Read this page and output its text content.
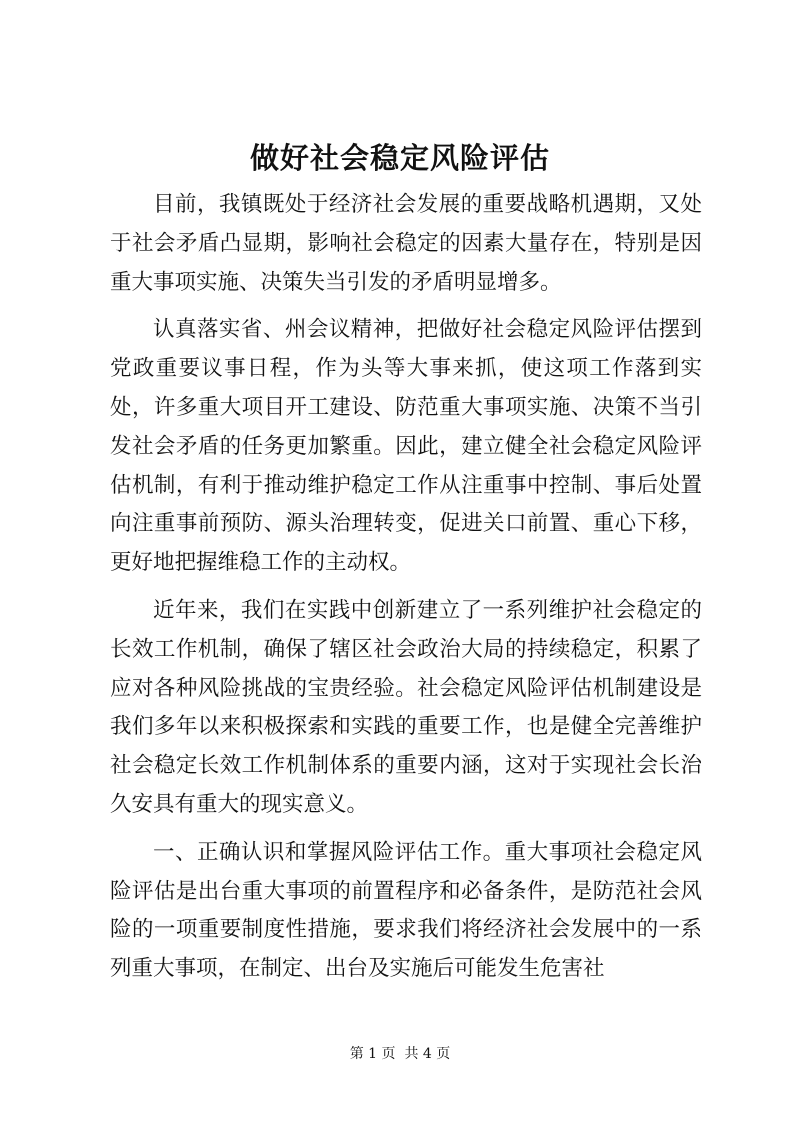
做好社会稳定风险评估

目前，我镇既处于经济社会发展的重要战略机遇期，又处于社会矛盾凸显期，影响社会稳定的因素大量存在，特别是因重大事项实施、决策失当引发的矛盾明显增多。

认真落实省、州会议精神，把做好社会稳定风险评估摆到党政重要议事日程，作为头等大事来抓，使这项工作落到实处，许多重大项目开工建设、防范重大事项实施、决策不当引发社会矛盾的任务更加繁重。因此，建立健全社会稳定风险评估机制，有利于推动维护稳定工作从注重事中控制、事后处置向注重事前预防、源头治理转变，促进关口前置、重心下移，更好地把握维稳工作的主动权。

近年来，我们在实践中创新建立了一系列维护社会稳定的长效工作机制，确保了辖区社会政治大局的持续稳定，积累了应对各种风险挑战的宝贵经验。社会稳定风险评估机制建设是我们多年以来积极探索和实践的重要工作，也是健全完善维护社会稳定长效工作机制体系的重要内涵，这对于实现社会长治久安具有重大的现实意义。

一、正确认识和掌握风险评估工作。重大事项社会稳定风险评估是出台重大事项的前置程序和必备条件，是防范社会风险的一项重要制度性措施，要求我们将经济社会发展中的一系列重大事项，在制定、出台及实施后可能发生危害社

第 1 页 共 4 页
